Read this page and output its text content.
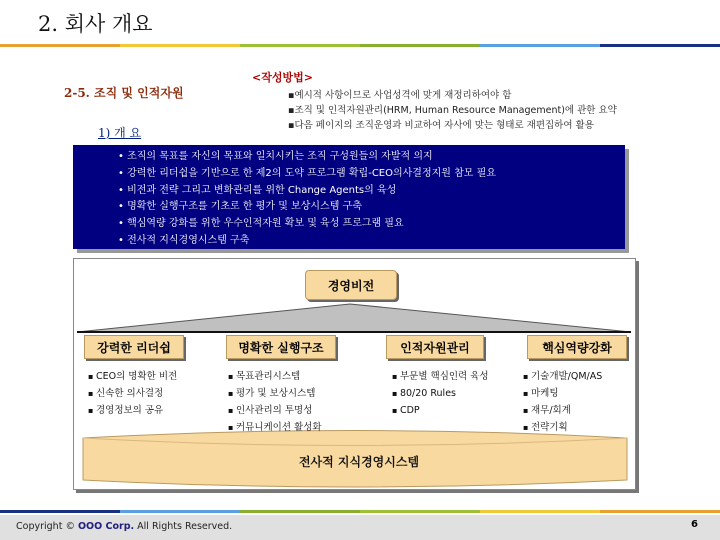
2. 회사 개요
2-5. 조직 및 인적자원
<작성방법>
▪예시적 사항이므로 사업성격에 맞게 재정리하여야 함
▪조직 및 인적자원관리(HRM, Human Resource Management)에 관한 요약
▪다음 페이지의 조직운영과 비교하여 자사에 맞는 형태로 재편집하여 활용
1) 개 요
• 조직의 목표를 자신의 목표와 일치시키는 조직 구성원들의 자발적 의지
• 강력한 리더쉽을 기반으로 한 제2의 도약 프로그램 확립-CEO의사결정지원 참모 필요
• 비전과 전략 그리고 변화관리를 위한 Change Agents의 육성
• 명확한 실행구조를 기초로 한 평가 및 보상시스템 구축
• 핵심역량 강화를 위한 우수인적자원 확보 및 육성 프로그램 필요
• 전사적 지식경영시스템 구축
경영비전
강력한 리더쉽	명확한 실행구조	인적자원관리	핵심역량강화
▪ CEO의 명확한 비전
▪ 신속한 의사결정
▪ 경영정보의 공유
▪ 목표관리시스템
▪ 평가 및 보상시스템
▪ 인사관리의 투명성
▪ 커뮤니케이션 활성화
▪ 부문별 핵심인력 육성
▪ 80/20 Rules
▪ CDP
▪ 기술개발/QM/AS
▪ 마케팅
▪ 재무/회계
▪ 전략기획
전사적 지식경영시스템
Copyright © OOO Corp. All Rights Reserved.	6
